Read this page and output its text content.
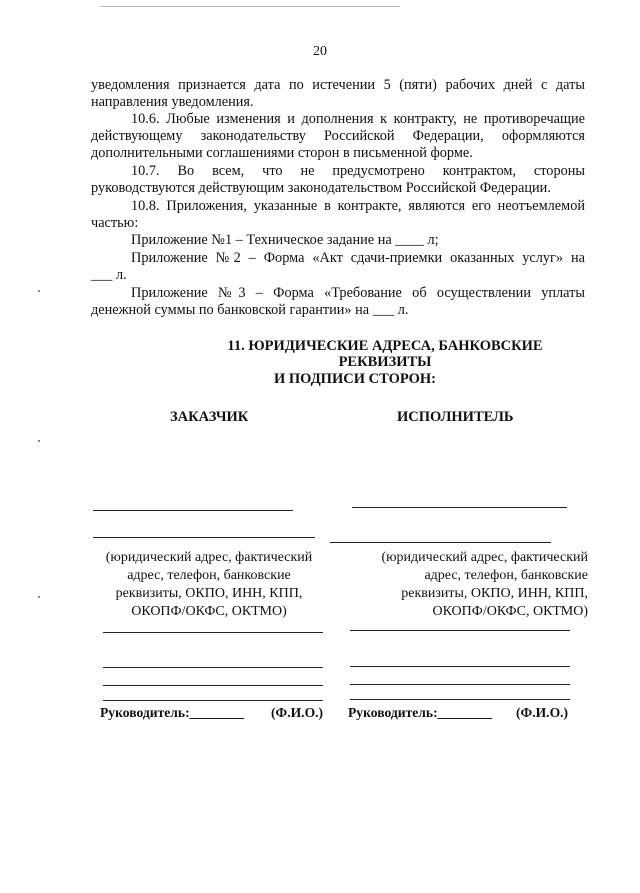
20
уведомления признается дата по истечении 5 (пяти) рабочих дней с даты
направления уведомления.
10.6. Любые изменения и дополнения к контракту, не противоречащие
действующему законодательству Российской Федерации, оформляются
дополнительными соглашениями сторон в письменной форме.
10.7. Во всем, что не предусмотрено контрактом, стороны
руководствуются действующим законодательством Российской Федерации.
10.8. Приложения, указанные в контракте, являются его неотъемлемой
частью:
Приложение №1 – Техническое задание на ____ л;
Приложение №2 – Форма «Акт сдачи-приемки оказанных услуг» на
___ л.
Приложение №3 – Форма «Требование об осуществлении уплаты
денежной суммы по банковской гарантии» на ___ л.
11. ЮРИДИЧЕСКИЕ АДРЕСА, БАНКОВСКИЕ
РЕКВИЗИТЫ
И ПОДПИСИ СТОРОН:
ЗАКАЗЧИК	ИСПОЛНИТЕЛЬ
(юридический адрес, фактический
адрес, телефон, банковские
реквизиты, ОКПО, ИНН, КПП,
ОКОПФ/ОКФС, ОКТМО)
(юридический адрес, фактический
адрес, телефон, банковские
реквизиты, ОКПО, ИНН, КПП,
ОКОПФ/ОКФС, ОКТМО)
Руководитель:________ (Ф.И.О.) Руководитель:________ (Ф.И.О.)
